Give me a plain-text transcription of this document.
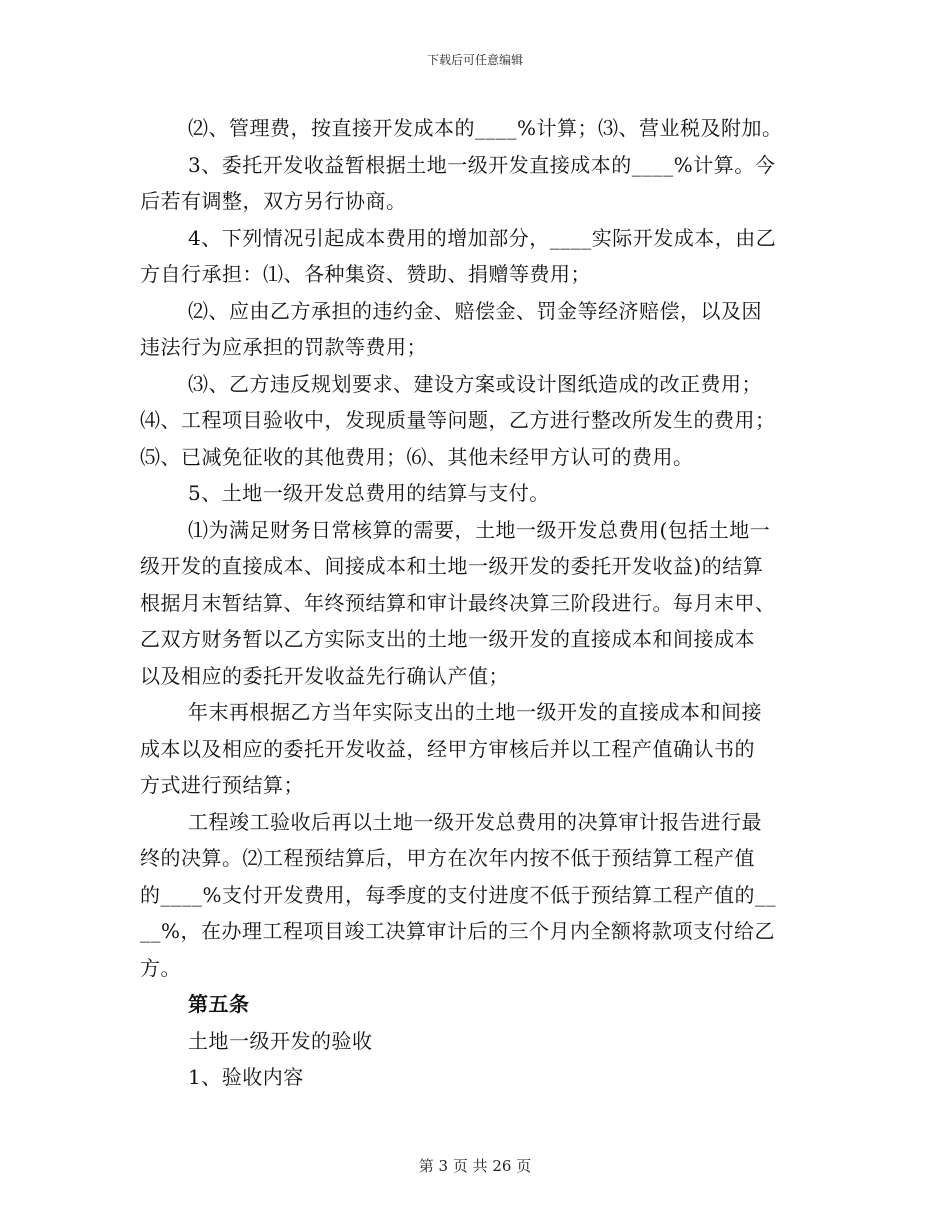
下载后可任意编辑

⑵、管理费，按直接开发成本的____%计算；⑶、营业税及附加。

3、委托开发收益暂根据土地一级开发直接成本的____%计算。今

后若有调整，双方另行协商。

4、下列情况引起成本费用的增加部分，____实际开发成本，由乙

方自行承担：⑴、各种集资、赞助、捐赠等费用；

⑵、应由乙方承担的违约金、赔偿金、罚金等经济赔偿，以及因

违法行为应承担的罚款等费用；

⑶、乙方违反规划要求、建设方案或设计图纸造成的改正费用；

⑷、工程项目验收中，发现质量等问题，乙方进行整改所发生的费用；

⑸、已减免征收的其他费用；⑹、其他未经甲方认可的费用。

5、土地一级开发总费用的结算与支付。

⑴为满足财务日常核算的需要，土地一级开发总费用(包括土地一

级开发的直接成本、间接成本和土地一级开发的委托开发收益)的结算

根据月末暂结算、年终预结算和审计最终决算三阶段进行。每月末甲、

乙双方财务暂以乙方实际支出的土地一级开发的直接成本和间接成本

以及相应的委托开发收益先行确认产值；

年末再根据乙方当年实际支出的土地一级开发的直接成本和间接

成本以及相应的委托开发收益，经甲方审核后并以工程产值确认书的

方式进行预结算；

工程竣工验收后再以土地一级开发总费用的决算审计报告进行最

终的决算。⑵工程预结算后，甲方在次年内按不低于预结算工程产值

的____%支付开发费用，每季度的支付进度不低于预结算工程产值的__

__%，在办理工程项目竣工决算审计后的三个月内全额将款项支付给乙

方。

第五条

土地一级开发的验收

1、验收内容

第 3 页 共 26 页
